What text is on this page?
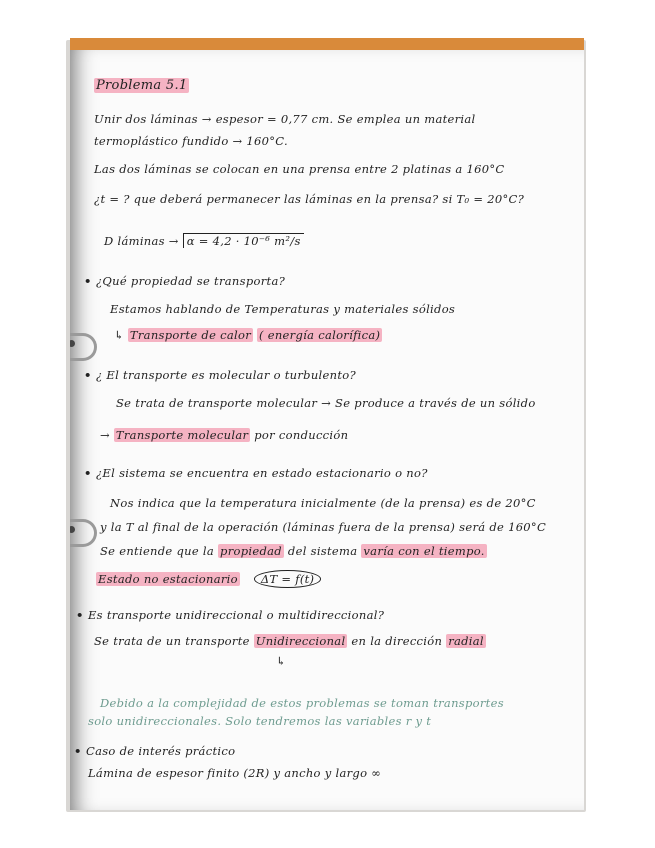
Problema 5.1
Unir dos láminas → espesor = 0,77 cm. Se emplea un material
termoplástico fundido → 160°C.
Las dos láminas se colocan en una prensa entre 2 platinas a 160°C
¿t = ? que deberá permanecer las láminas en la prensa? si T₀ = 20°C?
D láminas → α = 4,2 · 10⁻⁶ m²/s
• ¿Qué propiedad se transporta?
Estamos hablando de Temperaturas y materiales sólidos
↳ Transporte de calor ( energía calorífica)
• ¿ El transporte es molecular o turbulento?
Se trata de transporte molecular → Se produce a través de un sólido
→ Transporte molecular por conducción
• ¿El sistema se encuentra en estado estacionario o no?
Nos indica que la temperatura inicialmente (de la prensa) es de 20°C
y la T al final de la operación (láminas fuera de la prensa) será de 160°C
Se entiende que la propiedad del sistema varía con el tiempo.
Estado no estacionario ΔT = f(t)
• Es transporte unidireccional o multidireccional?
Se trata de un transporte Unidireccional en la dirección radial
↳
Debido a la complejidad de estos problemas se toman transportes
solo unidireccionales. Solo tendremos las variables r y t
• Caso de interés práctico
Lámina de espesor finito (2R) y ancho y largo ∞
